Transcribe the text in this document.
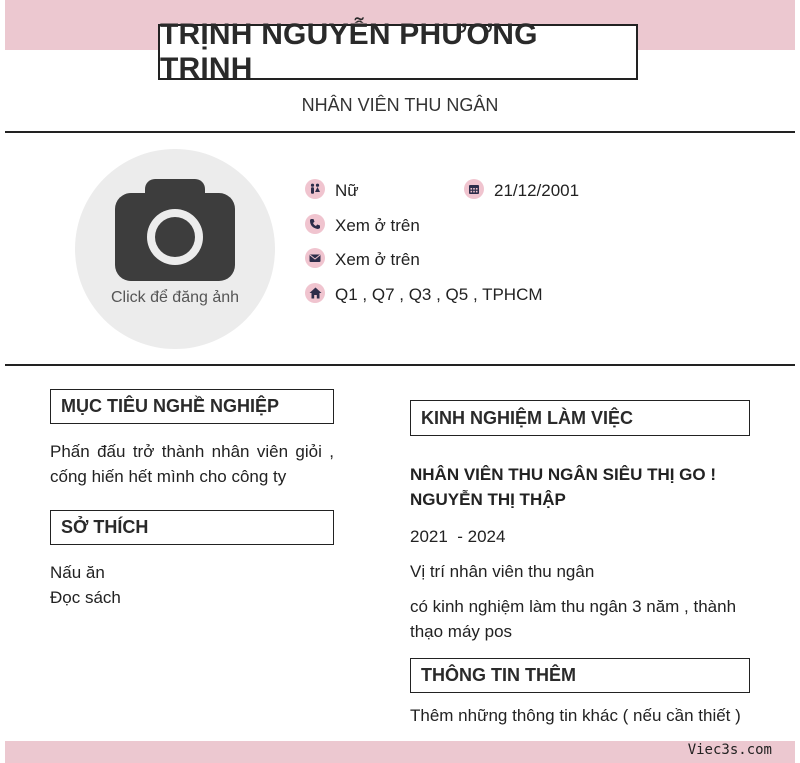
TRỊNH NGUYỄN PHƯƠNG TRINH
NHÂN VIÊN THU NGÂN
Click để đăng ảnh
Nữ	21/12/2001
Xem ở trên
Xem ở trên
Q1 , Q7 , Q3 , Q5 , TPHCM
MỤC TIÊU NGHỀ NGHIỆP
Phấn đấu trở thành nhân viên giỏi , cống hiến hết mình cho công ty
SỞ THÍCH
Nấu ăn
Đọc sách
KINH NGHIỆM LÀM VIỆC
NHÂN VIÊN THU NGÂN SIÊU THỊ GO ! NGUYỄN THỊ THẬP
2021  - 2024
Vị trí nhân viên thu ngân
có kinh nghiệm làm thu ngân 3 năm , thành thạo máy pos
THÔNG TIN THÊM
Thêm những thông tin khác ( nếu cần thiết )
Viec3s.com
